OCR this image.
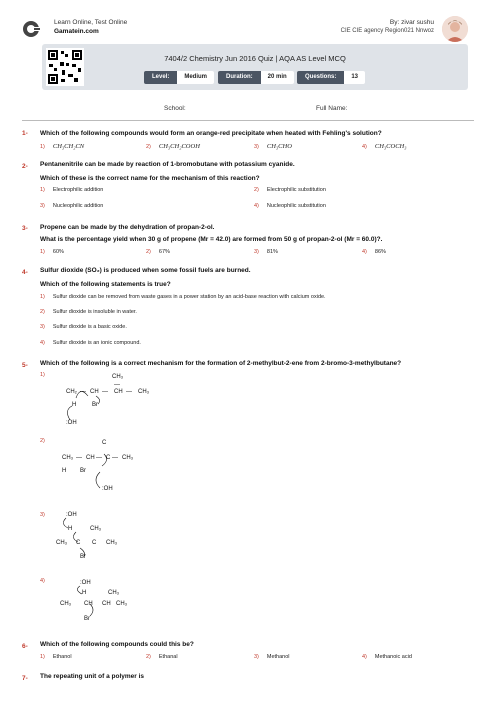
Learn Online, Test Online
Gamatein.com
By: zivar sushu
CIE CIE agency Region021 Nnwoz
7404/2 Chemistry Jun 2016 Quiz | AQA AS Level MCQ
Level:	Medium	Duration:	20 min	Questions:	13
School:	Full Name:
1- Which of the following compounds would form an orange-red precipitate when heated with Fehling's solution?
1) CH₃CH₂CN	2) CH₃CH₂COOH	3) CH₃CHO	4) CH₃COCH₃
2- Pentanenitrile can be made by reaction of 1-bromobutane with potassium cyanide.
Which of these is the correct name for the mechanism of this reaction?
1) Electrophilic addition	2) Electrophilic substitution
3) Nucleophilic addition	4) Nucleophilic substitution
3- Propene can be made by the dehydration of propan-2-ol.
What is the percentage yield when 30 g of propene (Mr = 42.0) are formed from 50 g of propan-2-ol (Mr = 60.0)?.
1) 60%	2) 67%	3) 81%	4) 86%
4- Sulfur dioxide (SO₂) is produced when some fossil fuels are burned.
Which of the following statements is true?
1) Sulfur dioxide can be removed from waste gases in a power station by an acid-base reaction with calcium oxide.
2) Sulfur dioxide is insoluble in water.
3) Sulfur dioxide is a basic oxide.
4) Sulfur dioxide is an ionic compound.
5- Which of the following is a correct mechanism for the formation of 2-methylbut-2-ene from 2-bromo-3-methylbutane?
1)	CH₃
—
CH₂ — CH — CH — CH₃
H	Br
:OH
2)	C
CH₃ — CH — C — CH₃
H Br
:OH
3)	:OH
H	CH₃
CH₃ C C CH₃
Br
4)	:OH
H	CH₃
CH₃ CH CH CH₃
Br
6- Which of the following compounds could this be?
1) Ethanol	2) Ethanal	3) Methanol	4) Methanoic acid
7- The repeating unit of a polymer is
